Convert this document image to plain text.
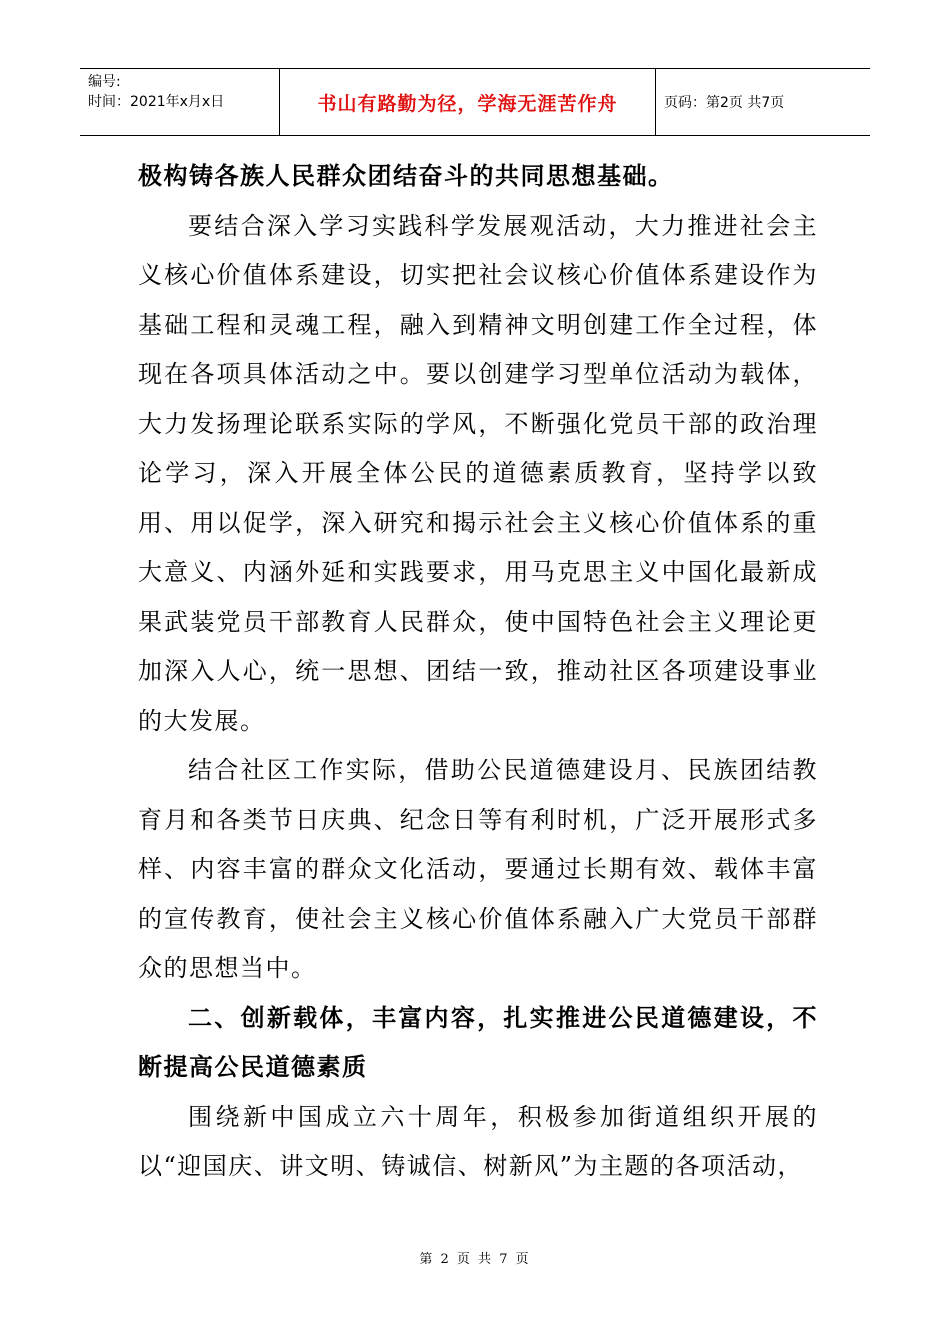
编号:
时间：2021年x月x日	书山有路勤为径，学海无涯苦作舟	页码：第2页 共7页

极构铸各族人民群众团结奋斗的共同思想基础。

要结合深入学习实践科学发展观活动，大力推进社会主义核心价值体系建设，切实把社会议核心价值体系建设作为基础工程和灵魂工程，融入到精神文明创建工作全过程，体现在各项具体活动之中。要以创建学习型单位活动为载体，大力发扬理论联系实际的学风，不断强化党员干部的政治理论学习，深入开展全体公民的道德素质教育，坚持学以致用、用以促学，深入研究和揭示社会主义核心价值体系的重大意义、内涵外延和实践要求，用马克思主义中国化最新成果武装党员干部教育人民群众，使中国特色社会主义理论更加深入人心，统一思想、团结一致，推动社区各项建设事业的大发展。

结合社区工作实际，借助公民道德建设月、民族团结教育月和各类节日庆典、纪念日等有利时机，广泛开展形式多样、内容丰富的群众文化活动，要通过长期有效、载体丰富的宣传教育，使社会主义核心价值体系融入广大党员干部群众的思想当中。

二、创新载体，丰富内容，扎实推进公民道德建设，不断提高公民道德素质

围绕新中国成立六十周年，积极参加街道组织开展的以“迎国庆、讲文明、铸诚信、树新风”为主题的各项活动，

第 2 页 共 7 页
